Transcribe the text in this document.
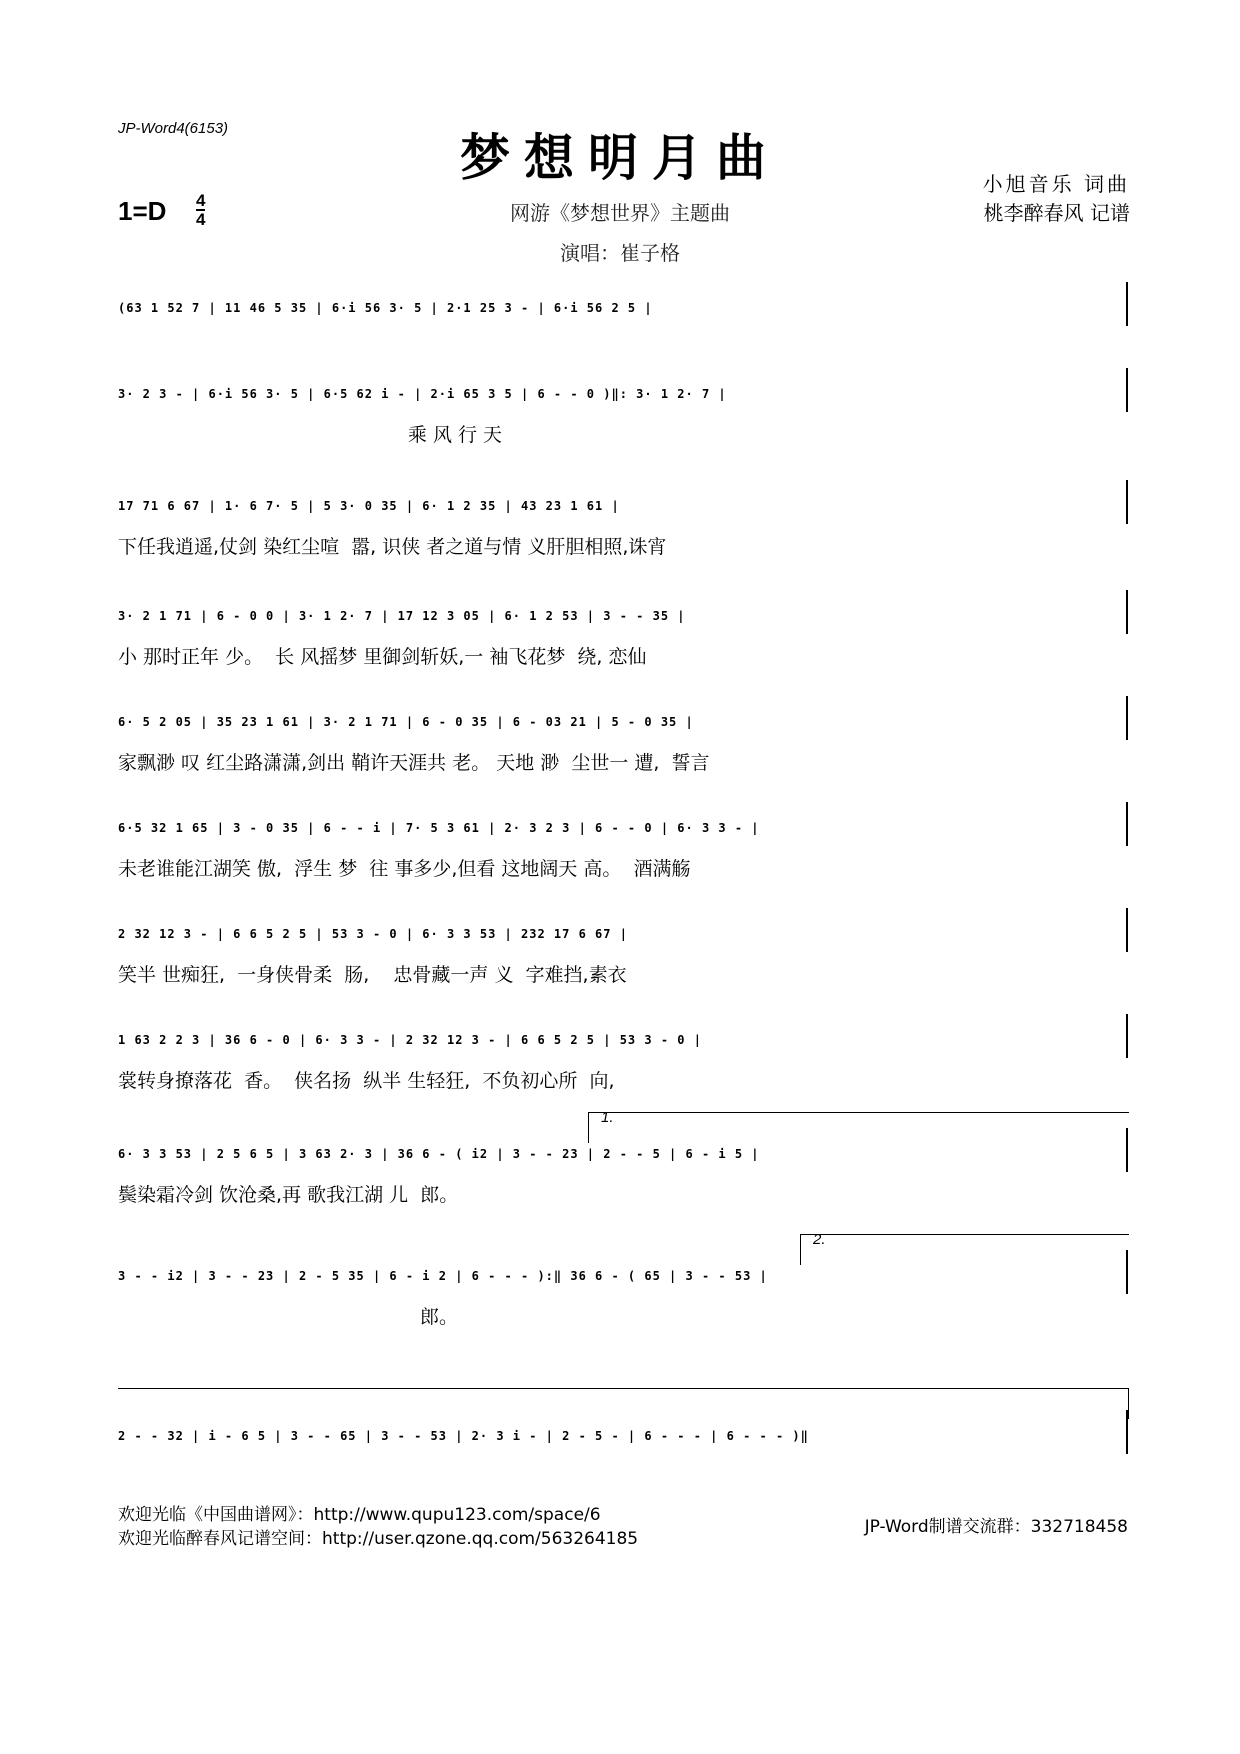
JP-Word4(6153)
梦想明月曲
1=D 4
4	网游《梦想世界》主题曲
演唱：崔子格
小旭音乐 词曲
桃李醉春风 记谱
(63 1 52 7 | 11 46 5 35 | 6·i 56 3· 5 | 2·1 25 3 - | 6·i 56 2 5 |
3· 2 3 - | 6·i 56 3· 5 | 6·5 62 i - | 2·i 65 3 5 | 6 - - 0 )‖: 3· 1 2· 7 |
乘 风 行 天
17 71 6 67 | 1· 6 7· 5 | 5 3· 0 35 | 6· 1 2 35 | 43 23 1 61 |
下任我逍遥,仗剑 染红尘喧  嚣, 识侠 者之道与情 义肝胆相照,诛宵
3· 2 1 71 | 6 - 0 0 | 3· 1 2· 7 | 17 12 3 05 | 6· 1 2 53 | 3 - - 35 |
小 那时正年 少。  长 风摇梦 里御剑斩妖,一 袖飞花梦  绕, 恋仙
6· 5 2 05 | 35 23 1 61 | 3· 2 1 71 | 6 - 0 35 | 6 - 03 21 | 5 - 0 35 |
家飘渺 叹 红尘路潇潇,剑出 鞘许天涯共 老。 天地 渺  尘世一 遭,  誓言
6·5 32 1 65 | 3 - 0 35 | 6 - - i | 7· 5 3 61 | 2· 3 2 3 | 6 - - 0 | 6· 3 3 - |
未老谁能江湖笑 傲,  浮生 梦  往 事多少,但看 这地阔天 高。  酒满觞
2 32 12 3 - | 6 6 5 2 5 | 53 3 - 0 | 6· 3 3 53 | 232 17 6 67 |
笑半 世痴狂,  一身侠骨柔  肠,    忠骨藏一声 义  字难挡,素衣
1 63 2 2 3 | 36 6 - 0 | 6· 3 3 - | 2 32 12 3 - | 6 6 5 2 5 | 53 3 - 0 |
裳转身撩落花  香。  侠名扬  纵半 生轻狂,  不负初心所  向,
1.
6· 3 3 53 | 2 5 6 5 | 3 63 2· 3 | 36 6 - ( i2 | 3 - - 23 | 2 - - 5 | 6 - i 5 |
鬓染霜冷剑 饮沧桑,再 歌我江湖 儿  郎。
2.
3 - - i2 | 3 - - 23 | 2 - 5 35 | 6 - i 2 | 6 - - - ):‖ 36 6 - ( 65 | 3 - - 53 |
郎。
2 - - 32 | i - 6 5 | 3 - - 65 | 3 - - 53 | 2· 3 i - | 2 - 5 - | 6 - - - | 6 - - - )‖
欢迎光临《中国曲谱网》：http://www.qupu123.com/space/6
欢迎光临醉春风记谱空间：http://user.qzone.qq.com/563264185
JP-Word制谱交流群：332718458
